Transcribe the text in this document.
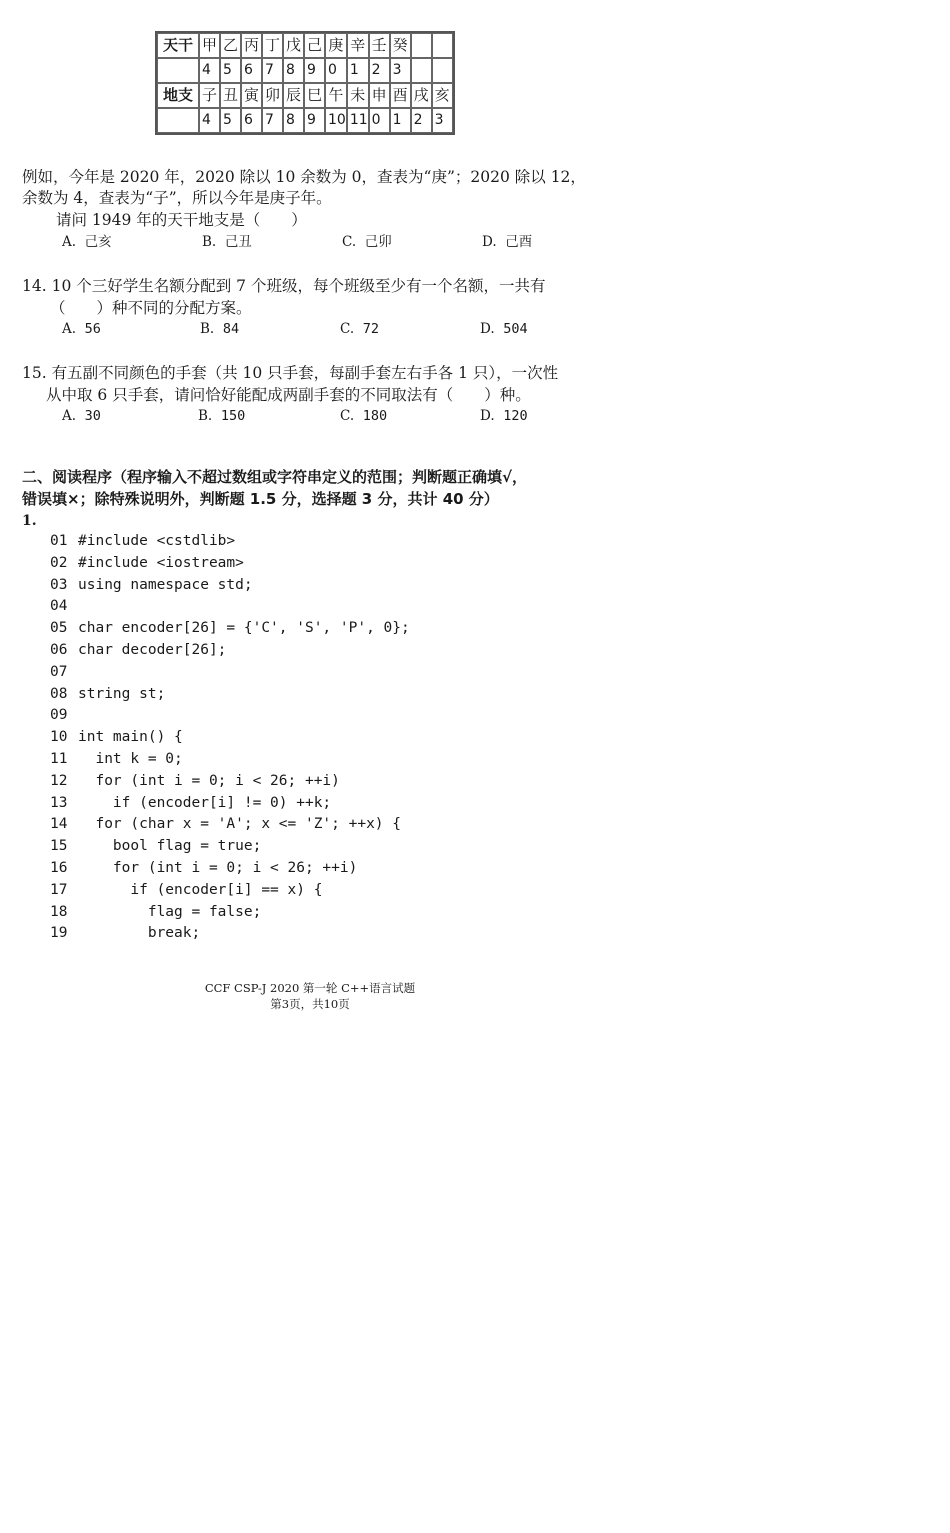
天干	甲	乙	丙	丁	戊	己	庚	辛	壬	癸		
	4	5	6	7	8	9	0	1	2	3		
地支	子	丑	寅	卯	辰	巳	午	未	申	酉	戌	亥
	4	5	6	7	8	9	10	11	0	1	2	3
例如，今年是 2020 年，2020 除以 10 余数为 0，查表为“庚”；2020 除以 12，
余数为 4，查表为“子”，所以今年是庚子年。
请问 1949 年的天干地支是（　　）
A. 己亥	B. 己丑	C. 己卯	D. 己酉
14. 10 个三好学生名额分配到 7 个班级，每个班级至少有一个名额，一共有
（　　）种不同的分配方案。
A. 56	B. 84	C. 72	D. 504
15. 有五副不同颜色的手套（共 10 只手套，每副手套左右手各 1 只），一次性
从中取 6 只手套，请问恰好能配成两副手套的不同取法有（　　）种。
A. 30	B. 150	C. 180	D. 120
二、阅读程序（程序输入不超过数组或字符串定义的范围；判断题正确填√，
错误填×；除特殊说明外，判断题 1.5 分，选择题 3 分，共计 40 分）
1.
01 #include <cstdlib>
02 #include <iostream>
03 using namespace std;
04
05 char encoder[26] = {'C', 'S', 'P', 0};
06 char decoder[26];
07
08 string st;
09
10 int main() {
11 int k = 0;
12 for (int i = 0; i < 26; ++i)
13 if (encoder[i] != 0) ++k;
14 for (char x = 'A'; x <= 'Z'; ++x) {
15 bool flag = true;
16 for (int i = 0; i < 26; ++i)
17 if (encoder[i] == x) {
18 flag = false;
19 break;
CCF CSP-J 2020 第一轮 C++语言试题
第3页，共10页
